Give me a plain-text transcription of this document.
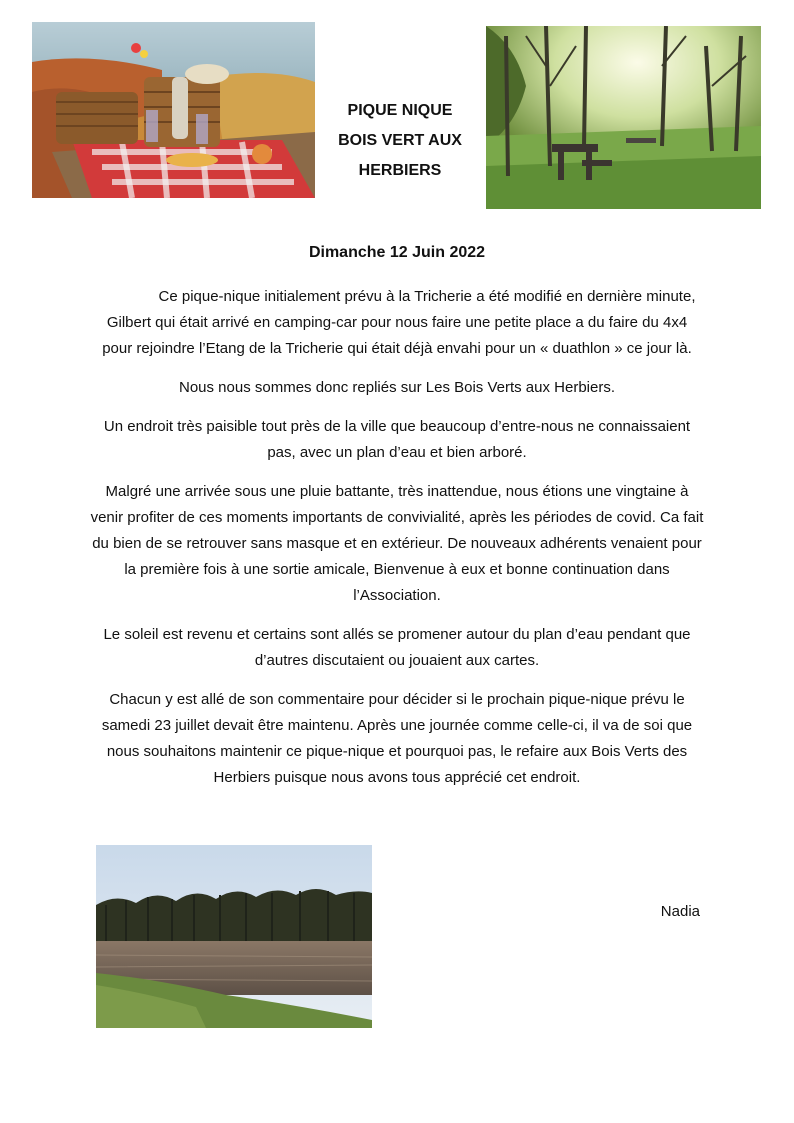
PIQUE NIQUE
BOIS VERT AUX
HERBIERS
Dimanche 12 Juin 2022

Ce pique-nique initialement prévu à la Tricherie a été modifié en dernière minute, Gilbert qui était arrivé en camping-car pour nous faire une petite place a du faire du 4x4 pour rejoindre l’Etang de la Tricherie qui était déjà envahi pour un « duathlon » ce jour là.

Nous nous sommes donc repliés sur Les Bois Verts aux Herbiers.

Un endroit très paisible tout près de la ville que beaucoup d’entre-nous ne connaissaient pas, avec un plan d’eau et bien arboré.

Malgré une arrivée sous une pluie battante, très inattendue, nous étions une vingtaine à venir profiter de ces moments importants de convivialité, après les périodes de covid. Ca fait du bien de se retrouver sans masque et en extérieur. De nouveaux adhérents venaient pour la première fois à une sortie amicale, Bienvenue à eux et bonne continuation dans l’Association.

Le soleil est revenu et certains sont allés se promener autour du plan d’eau pendant que d’autres discutaient ou jouaient aux cartes.

Chacun y est allé de son commentaire pour décider si le prochain pique-nique prévu le samedi 23 juillet devait être maintenu. Après une journée comme celle-ci, il va de soi que nous souhaitons maintenir ce pique-nique et pourquoi pas, le refaire aux Bois Verts des Herbiers puisque nous avons tous apprécié cet endroit.

Nadia
